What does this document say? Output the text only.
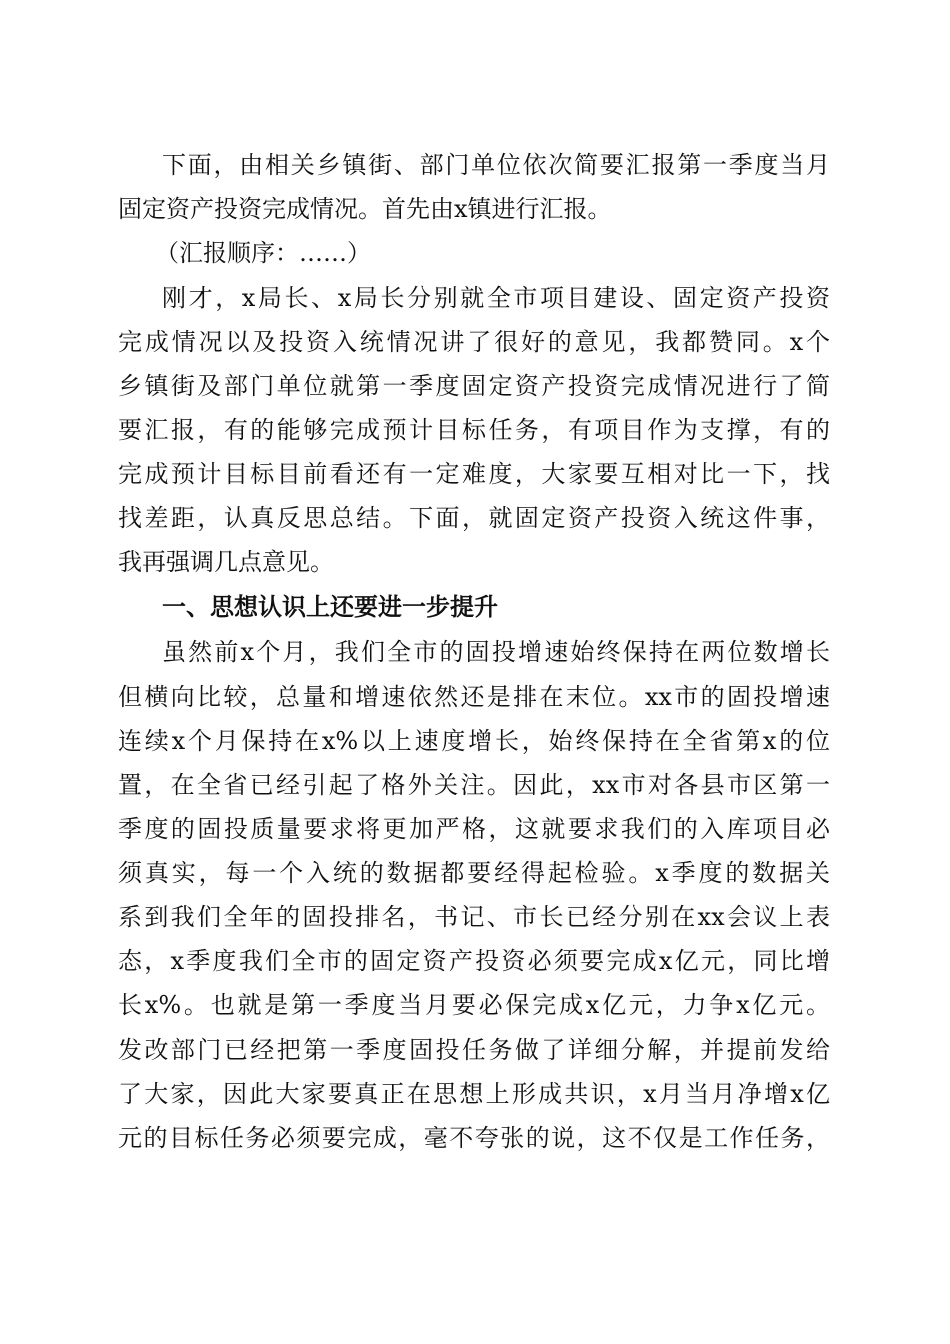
下面，由相关乡镇街、部门单位依次简要汇报第一季度当月
固定资产投资完成情况。首先由x镇进行汇报。
（汇报顺序：……）
刚才，x局长、x局长分别就全市项目建设、固定资产投资
完成情况以及投资入统情况讲了很好的意见，我都赞同。x个
乡镇街及部门单位就第一季度固定资产投资完成情况进行了简
要汇报，有的能够完成预计目标任务，有项目作为支撑，有的
完成预计目标目前看还有一定难度，大家要互相对比一下，找
找差距，认真反思总结。下面，就固定资产投资入统这件事，
我再强调几点意见。
一、思想认识上还要进一步提升
虽然前x个月，我们全市的固投增速始终保持在两位数增长
但横向比较，总量和增速依然还是排在末位。xx市的固投增速
连续x个月保持在x%以上速度增长，始终保持在全省第x的位
置，在全省已经引起了格外关注。因此，xx市对各县市区第一
季度的固投质量要求将更加严格，这就要求我们的入库项目必
须真实，每一个入统的数据都要经得起检验。x季度的数据关
系到我们全年的固投排名，书记、市长已经分别在xx会议上表
态，x季度我们全市的固定资产投资必须要完成x亿元，同比增
长x%。也就是第一季度当月要必保完成x亿元，力争x亿元。
发改部门已经把第一季度固投任务做了详细分解，并提前发给
了大家，因此大家要真正在思想上形成共识，x月当月净增x亿
元的目标任务必须要完成，毫不夸张的说，这不仅是工作任务，
